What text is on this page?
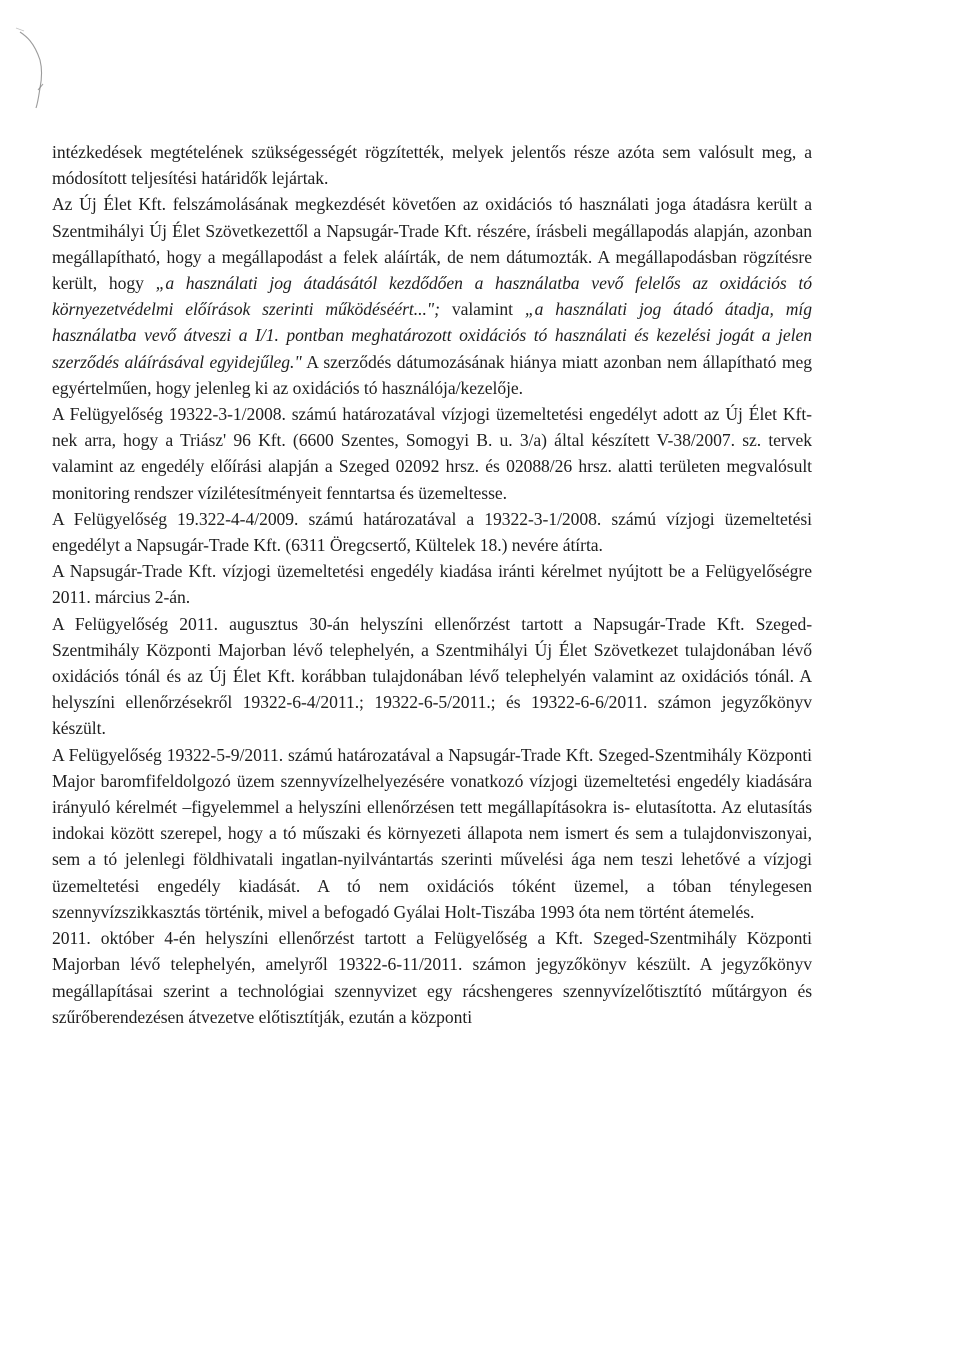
intézkedések megtételének szükségességét rögzítették, melyek jelentős része azóta sem valósult meg, a módosított teljesítési határidők lejártak.

Az Új Élet Kft. felszámolásának megkezdését követően az oxidációs tó használati joga átadásra került a Szentmihályi Új Élet Szövetkezettől a Napsugár-Trade Kft. részére, írásbeli megállapodás alapján, azonban megállapítható, hogy a megállapodást a felek aláírták, de nem dátumozták. A megállapodásban rögzítésre került, hogy „a használati jog átadásától kezdődően a használatba vevő felelős az oxidációs tó környezetvédelmi előírások szerinti működéséért..."; valamint „a használati jog átadó átadja, míg használatba vevő átveszi a I/1. pontban meghatározott oxidációs tó használati és kezelési jogát a jelen szerződés aláírásával egyidejűleg." A szerződés dátumozásának hiánya miatt azonban nem állapítható meg egyértelműen, hogy jelenleg ki az oxidációs tó használója/kezelője.

A Felügyelőség 19322-3-1/2008. számú határozatával vízjogi üzemeltetési engedélyt adott az Új Élet Kft-nek arra, hogy a Triász' 96 Kft. (6600 Szentes, Somogyi B. u. 3/a) által készített V-38/2007. sz. tervek valamint az engedély előírási alapján a Szeged 02092 hrsz. és 02088/26 hrsz. alatti területen megvalósult monitoring rendszer vízilétesítményeit fenntartsa és üzemeltesse.

A Felügyelőség 19.322-4-4/2009. számú határozatával a 19322-3-1/2008. számú vízjogi üzemeltetési engedélyt a Napsugár-Trade Kft. (6311 Öregcsertő, Kültelek 18.) nevére átírta.

A Napsugár-Trade Kft. vízjogi üzemeltetési engedély kiadása iránti kérelmet nyújtott be a Felügyelőségre 2011. március 2-án.

A Felügyelőség 2011. augusztus 30-án helyszíni ellenőrzést tartott a Napsugár-Trade Kft. Szeged-Szentmihály Központi Majorban lévő telephelyén, a Szentmihályi Új Élet Szövetkezet tulajdonában lévő oxidációs tónál és az Új Élet Kft. korábban tulajdonában lévő telephelyén valamint az oxidációs tónál. A helyszíni ellenőrzésekről 19322-6-4/2011.; 19322-6-5/2011.; és 19322-6-6/2011. számon jegyzőkönyv készült.

A Felügyelőség 19322-5-9/2011. számú határozatával a Napsugár-Trade Kft. Szeged-Szentmihály Központi Major baromfifeldolgozó üzem szennyvízelhelyezésére vonatkozó vízjogi üzemeltetési engedély kiadására irányuló kérelmét –figyelemmel a helyszíni ellenőrzésen tett megállapításokra is- elutasította. Az elutasítás indokai között szerepel, hogy a tó műszaki és környezeti állapota nem ismert és sem a tulajdonviszonyai, sem a tó jelenlegi földhivatali ingatlan-nyilvántartás szerinti művelési ága nem teszi lehetővé a vízjogi üzemeltetési engedély kiadását. A tó nem oxidációs tóként üzemel, a tóban ténylegesen szennyvízszikkasztás történik, mivel a befogadó Gyálai Holt-Tiszába 1993 óta nem történt átemelés.

2011. október 4-én helyszíni ellenőrzést tartott a Felügyelőség a Kft. Szeged-Szentmihály Központi Majorban lévő telephelyén, amelyről 19322-6-11/2011. számon jegyzőkönyv készült. A jegyzőkönyv megállapításai szerint a technológiai szennyvizet egy rácshengeres szennyvízelőtisztító műtárgyon és szűrőberendezésen átvezetve előtisztítják, ezután a központi
